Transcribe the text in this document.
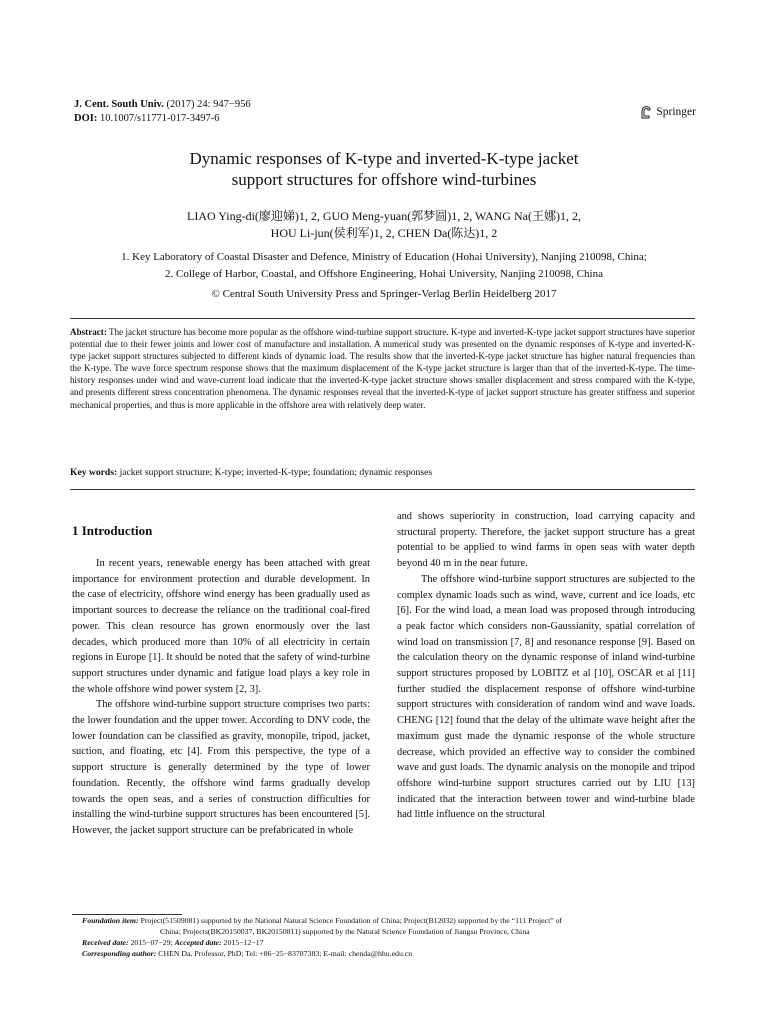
J. Cent. South Univ. (2017) 24: 947−956
DOI: 10.1007/s11771-017-3497-6
Springer
Dynamic responses of K-type and inverted-K-type jacket
support structures for offshore wind-turbines
LIAO Ying-di(廖迎娣)1, 2, GUO Meng-yuan(郭梦圆)1, 2, WANG Na(王娜)1, 2,
HOU Li-jun(侯利军)1, 2, CHEN Da(陈达)1, 2
1. Key Laboratory of Coastal Disaster and Defence, Ministry of Education (Hohai University), Nanjing 210098, China;
2. College of Harbor, Coastal, and Offshore Engineering, Hohai University, Nanjing 210098, China
© Central South University Press and Springer-Verlag Berlin Heidelberg 2017
Abstract: The jacket structure has become more popular as the offshore wind-turbine support structure. K-type and inverted-K-type jacket support structures have superior potential due to their fewer joints and lower cost of manufacture and installation. A numerical study was presented on the dynamic responses of K-type and inverted-K-type jacket support structures subjected to different kinds of dynamic load. The results show that the inverted-K-type jacket structure has higher natural frequencies than the K-type. The wave force spectrum response shows that the maximum displacement of the K-type jacket structure is larger than that of the inverted-K-type. The time-history responses under wind and wave-current load indicate that the inverted-K-type jacket structure shows smaller displacement and stress compared with the K-type, and presents different stress concentration phenomena. The dynamic responses reveal that the inverted-K-type of jacket support structure has greater stiffness and superior mechanical properties, and thus is more applicable in the offshore area with relatively deep water.
Key words: jacket support structure; K-type; inverted-K-type; foundation; dynamic responses
1 Introduction

In recent years, renewable energy has been attached with great importance for environment protection and durable development. In the case of electricity, offshore wind energy has been gradually used as important sources to decrease the reliance on the traditional coal-fired power. This clean resource has grown enormously over the last decades, which produced more than 10% of all electricity in certain regions in Europe [1]. It should be noted that the safety of wind-turbine support structures under dynamic and fatigue load plays a key role in the whole offshore wind power system [2, 3].

The offshore wind-turbine support structure comprises two parts: the lower foundation and the upper tower. According to DNV code, the lower foundation can be classified as gravity, monopile, tripod, jacket, suction, and floating, etc [4]. From this perspective, the type of a support structure is generally determined by the type of lower foundation. Recently, the offshore wind farms gradually develop towards the open seas, and a series of construction difficulties for installing the wind-turbine support structures has been encountered [5]. However, the jacket support structure can be prefabricated in whole

and shows superiority in construction, load carrying capacity and structural property. Therefore, the jacket support structure has a great potential to be applied to wind farms in open seas with water depth beyond 40 m in the near future.

The offshore wind-turbine support structures are subjected to the complex dynamic loads such as wind, wave, current and ice loads, etc [6]. For the wind load, a mean load was proposed through introducing a peak factor which considers non-Gaussianity, spatial correlation of wind load on transmission [7, 8] and resonance response [9]. Based on the calculation theory on the dynamic response of inland wind-turbine support structures proposed by LOBITZ et al [10], OSCAR et al [11] further studied the displacement response of offshore wind-turbine support structures with consideration of random wind and wave loads. CHENG [12] found that the delay of the ultimate wave height after the maximum gust made the dynamic response of the whole structure decrease, which provided an effective way to consider the combined wave and gust loads. The dynamic analysis on the monopile and tripod offshore wind-turbine support structures carried out by LIU [13] indicated that the interaction between tower and wind-turbine blade had little influence on the structural

Foundation item: Project(51509081) supported by the National Natural Science Foundation of China; Project(B12032) supported by the “111 Project” of

China; Projects(BK20150037, BK20150811) supported by the Natural Science Foundation of Jiangsu Province, China

Received date: 2015−07−29; Accepted date: 2015−12−17

Corresponding author: CHEN Da, Professor, PhD; Tel: +86−25−83787383; E-mail: chenda@hhu.edu.cn
